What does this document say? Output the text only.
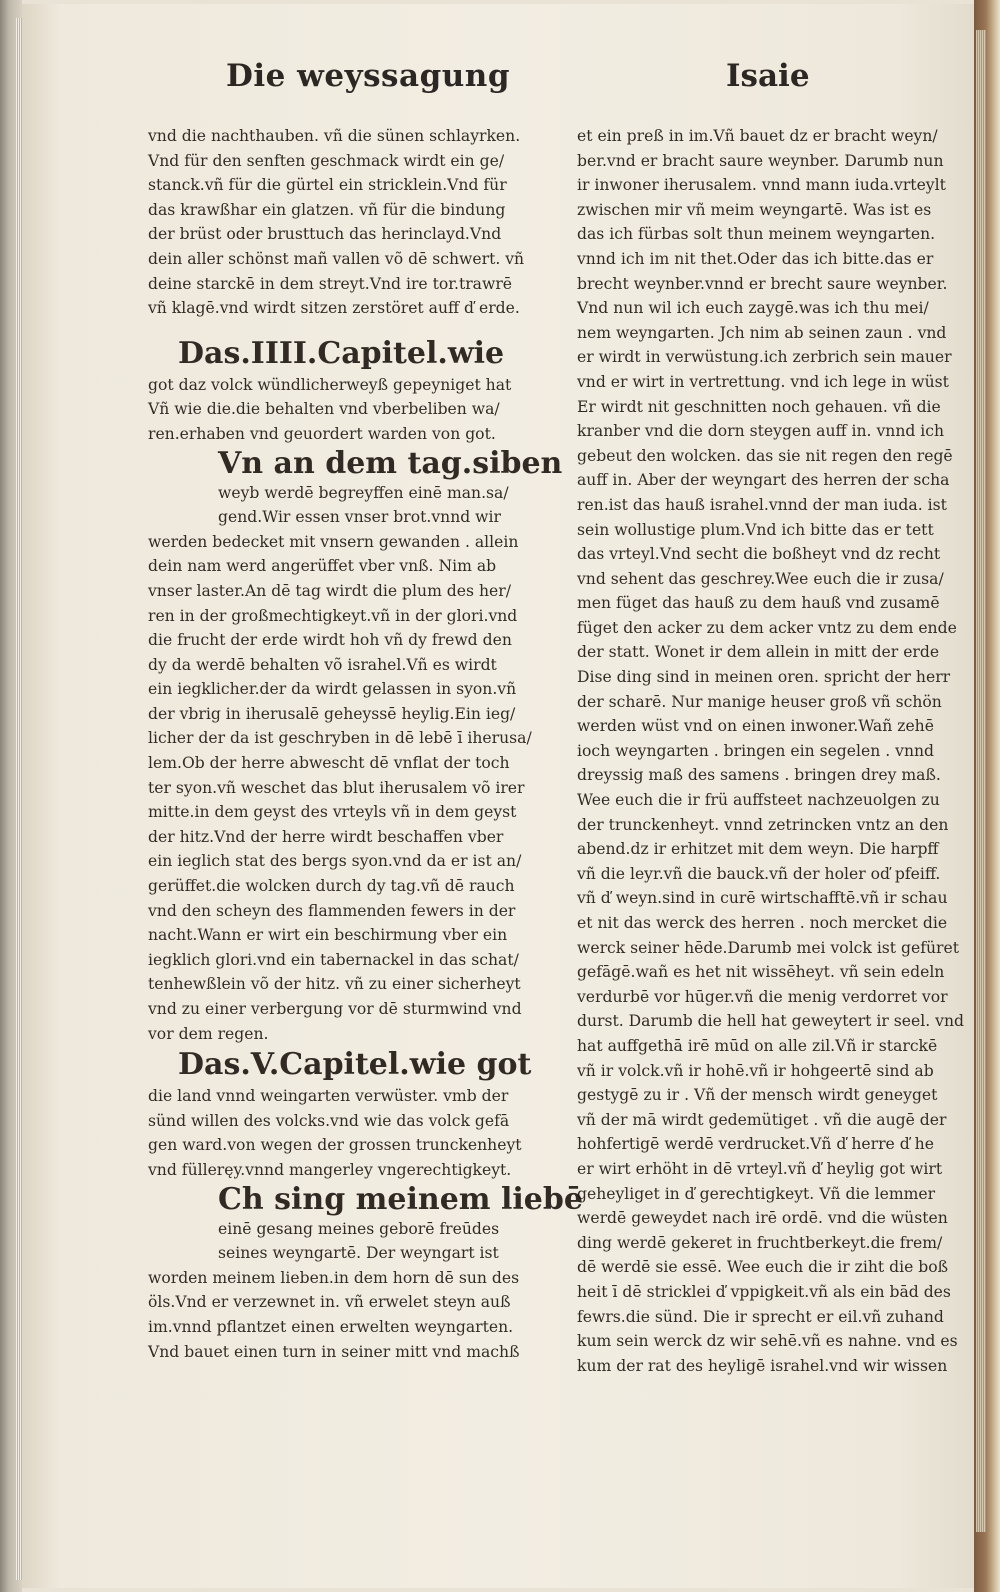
Die weyssagung	Isaie
vnd die nachthauben. vñ die sünen schlayrken.
Vnd für den senften geschmack wirdt ein ge/
stanck.vñ für die gürtel ein stricklein.Vnd für
das krawßhar ein glatzen. vñ für die bindung
der brüst oder brusttuch das herinclayd.Vnd
dein aller schönst mañ vallen võ dē schwert. vñ
deine starckē in dem streyt.Vnd ire tor.trawrē
vñ klagē.vnd wirdt sitzen zerstöret auff ď erde.
Das.IIII.Capitel.wie
got daz volck wündlicherweyß gepeyniget hat
Vñ wie die.die behalten vnd vberbeliben wa/
ren.erhaben vnd geuordert warden von got.
Vn an dem tag.siben
weyb werdē begreyffen einē man.sa/
gend.Wir essen vnser brot.vnnd wir
werden bedecket mit vnsern gewanden . allein
dein nam werd angerüffet vber vnß. Nim ab
vnser laster.An dē tag wirdt die plum des her/
ren in der großmechtigkeyt.vñ in der glori.vnd
die frucht der erde wirdt hoh vñ dy frewd den
dy da werdē behalten võ israhel.Vñ es wirdt
ein iegklicher.der da wirdt gelassen in syon.vñ
der vbrig in iherusalē geheyssē heylig.Ein ieg/
licher der da ist geschryben in dē lebē ī iherusa/
lem.Ob der herre abwescht dē vnflat der toch
ter syon.vñ weschet das blut iherusalem võ irer
mitte.in dem geyst des vrteyls vñ in dem geyst
der hitz.Vnd der herre wirdt beschaffen vber
ein ieglich stat des bergs syon.vnd da er ist an/
gerüffet.die wolcken durch dy tag.vñ dē rauch
vnd den scheyn des flammenden fewers in der
nacht.Wann er wirt ein beschirmung vber ein
iegklich glori.vnd ein tabernackel in das schat/
tenhewßlein võ der hitz. vñ zu einer sicherheyt
vnd zu einer verbergung vor dē sturmwind vnd
vor dem regen.
Das.V.Capitel.wie got
die land vnnd weingarten verwüster. vmb der
sünd willen des volcks.vnd wie das volck gefā
gen ward.von wegen der grossen trunckenheyt
vnd fülleręy.vnnd mangerley vngerechtigkeyt.
Ch sing meinem liebē
einē gesang meines geborē freūdes
seines weyngartē. Der weyngart ist
worden meinem lieben.in dem horn dē sun des
öls.Vnd er verzewnet in. vñ erwelet steyn auß
im.vnnd pflantzet einen erwelten weyngarten.
Vnd bauet einen turn in seiner mitt vnd machß
et ein preß in im.Vñ bauet dz er bracht weyn/
ber.vnd er bracht saure weynber. Darumb nun
ir inwoner iherusalem. vnnd mann iuda.vrteylt
zwischen mir vñ meim weyngartē. Was ist es
das ich fürbas solt thun meinem weyngarten.
vnnd ich im nit thet.Oder das ich bitte.das er
brecht weynber.vnnd er brecht saure weynber.
Vnd nun wil ich euch zaygē.was ich thu mei/
nem weyngarten. Jch nim ab seinen zaun . vnd
er wirdt in verwüstung.ich zerbrich sein mauer
vnd er wirt in vertrettung. vnd ich lege in wüst
Er wirdt nit geschnitten noch gehauen. vñ die
kranber vnd die dorn steygen auff in. vnnd ich
gebeut den wolcken. das sie nit regen den regē
auff in. Aber der weyngart des herren der scha
ren.ist das hauß israhel.vnnd der man iuda. ist
sein wollustige plum.Vnd ich bitte das er tett
das vrteyl.Vnd secht die boßheyt vnd dz recht
vnd sehent das geschrey.Wee euch die ir zusa/
men füget das hauß zu dem hauß vnd zusamē
füget den acker zu dem acker vntz zu dem ende
der statt. Wonet ir dem allein in mitt der erde
Dise ding sind in meinen oren. spricht der herr
der scharē. Nur manige heuser groß vñ schön
werden wüst vnd on einen inwoner.Wañ zehē
ioch weyngarten . bringen ein segelen . vnnd
dreyssig maß des samens . bringen drey maß.
Wee euch die ir frü auffsteet nachzeuolgen zu
der trunckenheyt. vnnd zetrincken vntz an den
abend.dz ir erhitzet mit dem weyn. Die harpff
vñ die leyr.vñ die bauck.vñ der holer oď pfeiff.
vñ ď weyn.sind in curē wirtschafftē.vñ ir schau
et nit das werck des herren . noch mercket die
werck seiner hēde.Darumb mei volck ist gefüret
gefāgē.wañ es het nit wissēheyt. vñ sein edeln
verdurbē vor hūger.vñ die menig verdorret vor
durst. Darumb die hell hat geweytert ir seel. vnd
hat auffgethā irē mūd on alle zil.Vñ ir starckē
vñ ir volck.vñ ir hohē.vñ ir hohgeertē sind ab
gestygē zu ir . Vñ der mensch wirdt geneyget
vñ der mā wirdt gedemütiget . vñ die augē der
hohfertigē werdē verdrucket.Vñ ď herre ď he
er wirt erhöht in dē vrteyl.vñ ď heylig got wirt
geheyliget in ď gerechtigkeyt. Vñ die lemmer
werdē geweydet nach irē ordē. vnd die wüsten
ding werdē gekeret in fruchtberkeyt.die frem/
dē werdē sie essē. Wee euch die ir ziht die boß
heit ī dē stricklei ď vppigkeit.vñ als ein bād des
fewrs.die sünd. Die ir sprecht er eil.vñ zuhand
kum sein werck dz wir sehē.vñ es nahne. vnd es
kum der rat des heyligē israhel.vnd wir wissen
